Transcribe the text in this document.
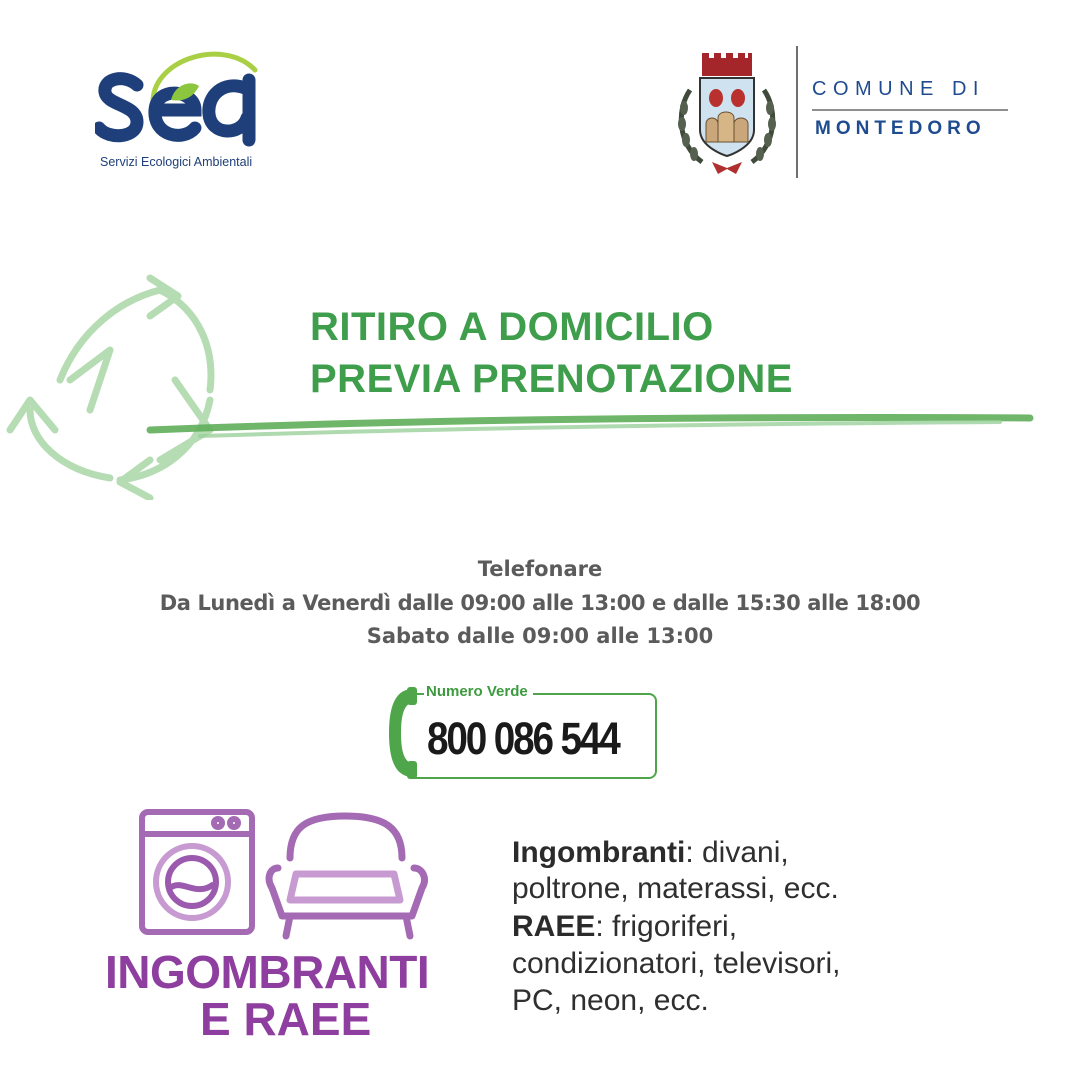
Servizi Ecologici Ambientali
COMUNE DI
MONTEDORO
RITIRO A DOMICILIO
PREVIA PRENOTAZIONE
Telefonare
Da Lunedì a Venerdì dalle 09:00 alle 13:00 e dalle 15:30 alle 18:00
Sabato dalle 09:00 alle 13:00
Numero Verde
800 086 544
INGOMBRANTI
E RAEE
Ingombranti: divani,
poltrone, materassi, ecc.
RAEE: frigoriferi,
condizionatori, televisori,
PC, neon, ecc.
